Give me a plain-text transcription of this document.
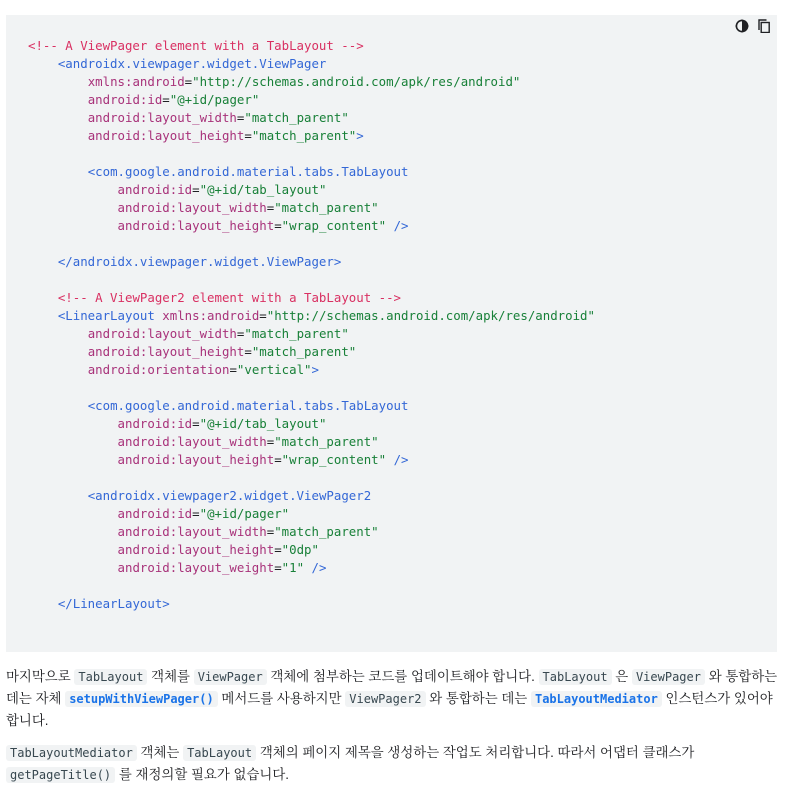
<!-- A ViewPager element with a TabLayout -->
<androidx.viewpager.widget.ViewPager
xmlns:android="http://schemas.android.com/apk/res/android"
android:id="@+id/pager"
android:layout_width="match_parent"
android:layout_height="match_parent">
<com.google.android.material.tabs.TabLayout
android:id="@+id/tab_layout"
android:layout_width="match_parent"
android:layout_height="wrap_content" />
</androidx.viewpager.widget.ViewPager>
<!-- A ViewPager2 element with a TabLayout -->
<LinearLayout xmlns:android="http://schemas.android.com/apk/res/android"
android:layout_width="match_parent"
android:layout_height="match_parent"
android:orientation="vertical">
<com.google.android.material.tabs.TabLayout
android:id="@+id/tab_layout"
android:layout_width="match_parent"
android:layout_height="wrap_content" />
<androidx.viewpager2.widget.ViewPager2
android:id="@+id/pager"
android:layout_width="match_parent"
android:layout_height="0dp"
android:layout_weight="1" />
</LinearLayout>

마지막으로 TabLayout 객체를 ViewPager 객체에 첨부하는 코드를 업데이트해야 합니다. TabLayout 은 ViewPager 와 통합하는 데는 자체 setupWithViewPager() 메서드를 사용하지만 ViewPager2 와 통합하는 데는 TabLayoutMediator 인스턴스가 있어야 합니다.

TabLayoutMediator 객체는 TabLayout 객체의 페이지 제목을 생성하는 작업도 처리합니다. 따라서 어댑터 클래스가 getPageTitle() 를 재정의할 필요가 없습니다.
